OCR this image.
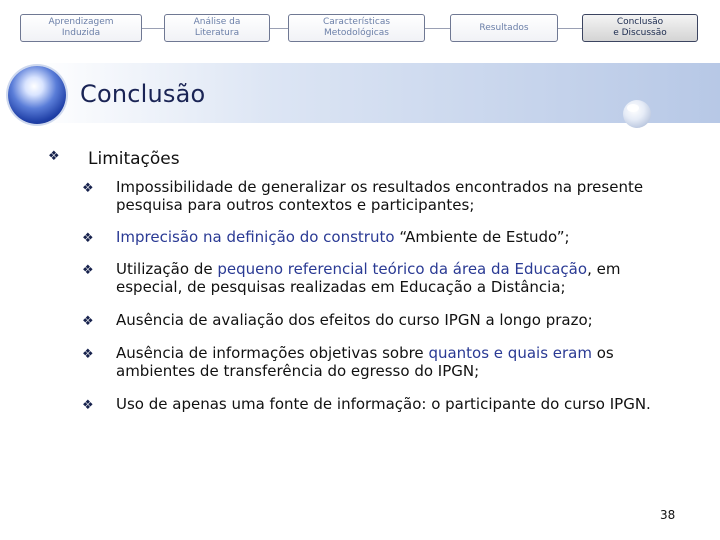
Aprendizagem
Induzida
Análise da
Literatura
Características
Metodológicas
Resultados
Conclusão
e Discussão
Conclusão
❖ Limitações
❖ Impossibilidade de generalizar os resultados encontrados na presente pesquisa para outros contextos e participantes;
❖ Imprecisão na definição do construto “Ambiente de Estudo”;
❖ Utilização de pequeno referencial teórico da área da Educação, em especial, de pesquisas realizadas em Educação a Distância;
❖ Ausência de avaliação dos efeitos do curso IPGN a longo prazo;
❖ Ausência de informações objetivas sobre quantos e quais eram os ambientes de transferência do egresso do IPGN;
❖ Uso de apenas uma fonte de informação: o participante do curso IPGN.
38
